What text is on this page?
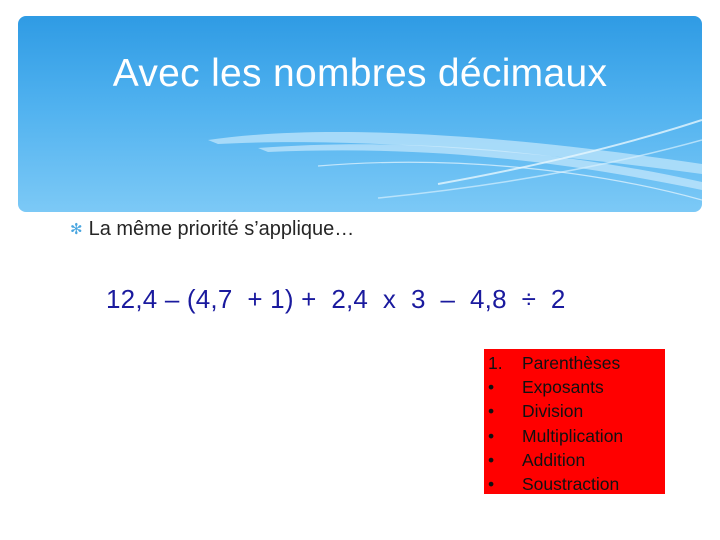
Avec les nombres décimaux
✻ La même priorité s’applique…
12,4 – (4,7  + 1) +  2,4  x  3  –  4,8  ÷  2
1. Parenthèses
• Exposants
• Division
• Multiplication
• Addition
• Soustraction
